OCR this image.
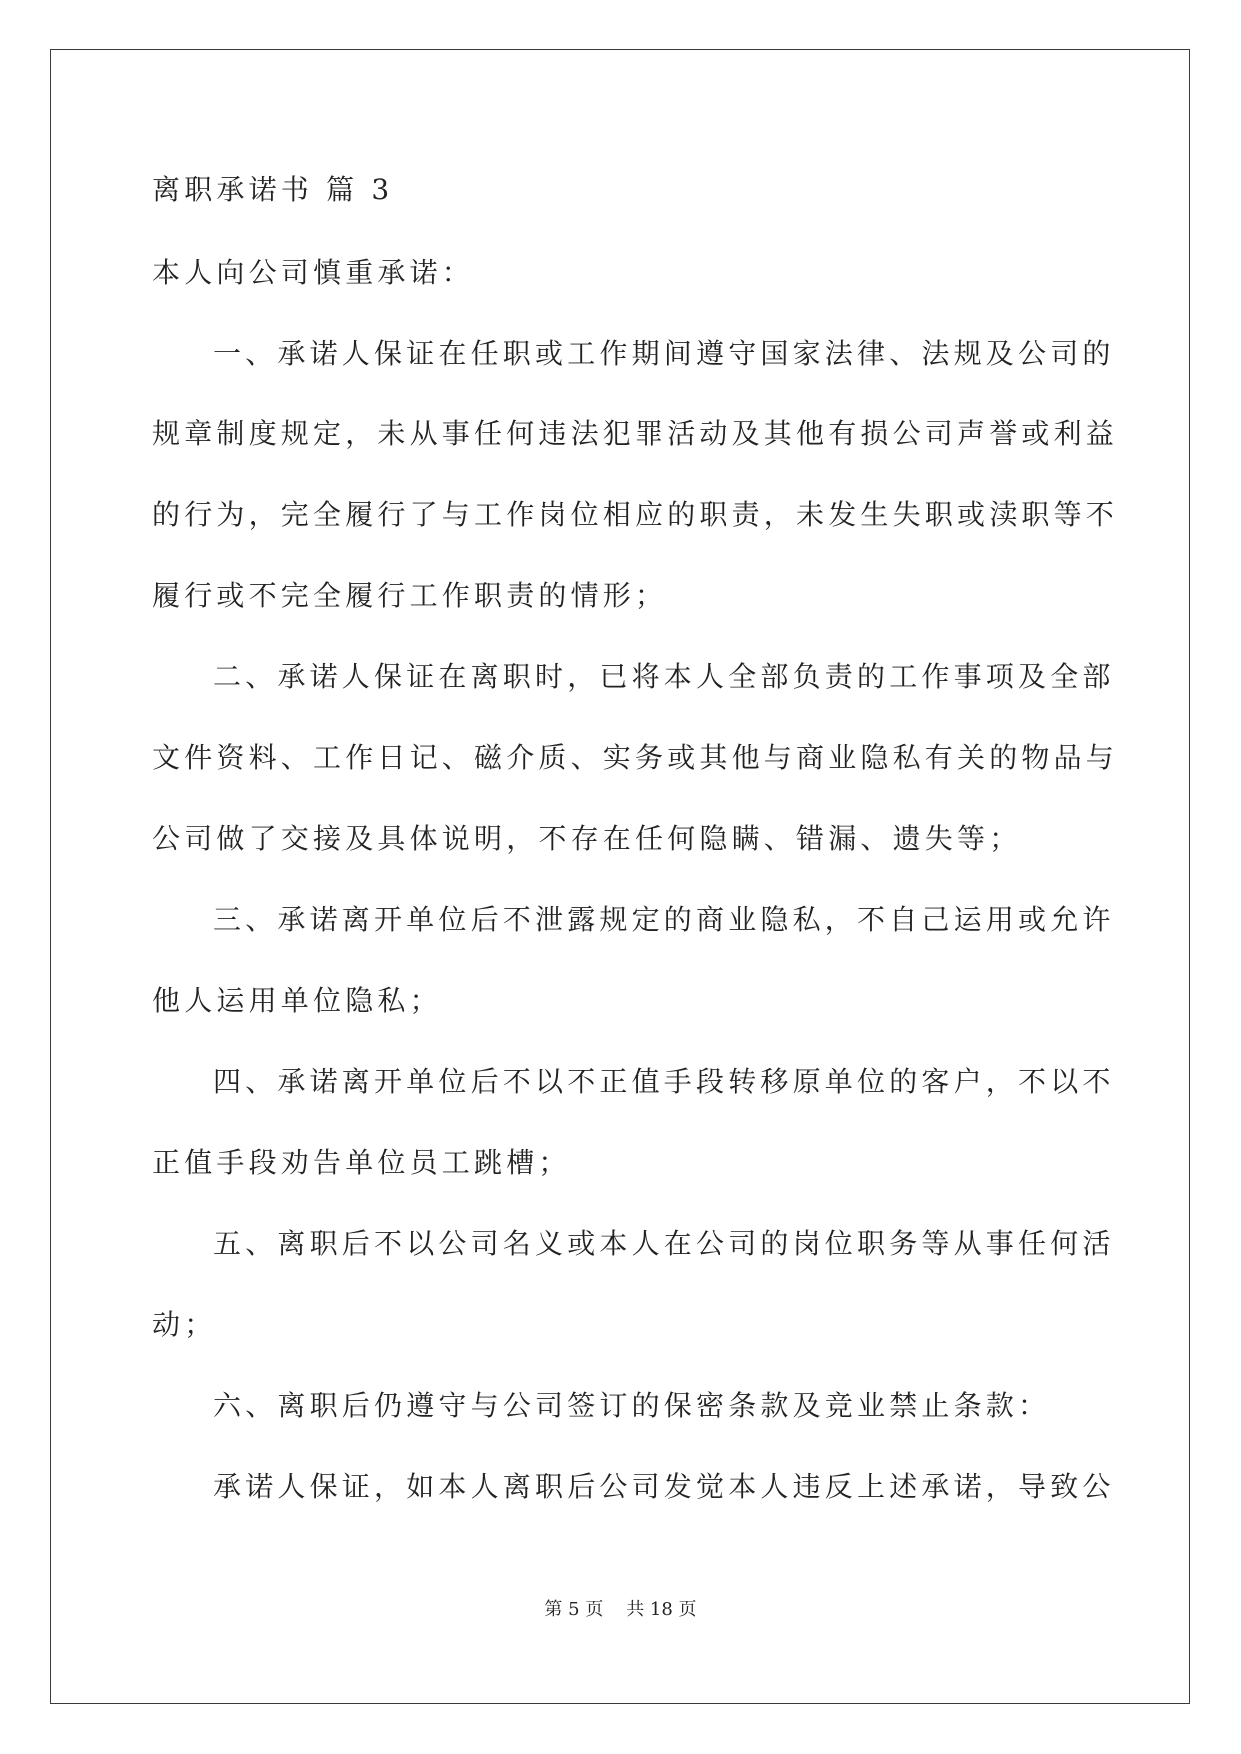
离职承诺书 篇 3
本人向公司慎重承诺：
一、承诺人保证在任职或工作期间遵守国家法律、法规及公司的
规章制度规定，未从事任何违法犯罪活动及其他有损公司声誉或利益
的行为，完全履行了与工作岗位相应的职责，未发生失职或渎职等不
履行或不完全履行工作职责的情形；
二、承诺人保证在离职时，已将本人全部负责的工作事项及全部
文件资料、工作日记、磁介质、实务或其他与商业隐私有关的物品与
公司做了交接及具体说明，不存在任何隐瞒、错漏、遗失等；
三、承诺离开单位后不泄露规定的商业隐私，不自己运用或允许
他人运用单位隐私；
四、承诺离开单位后不以不正值手段转移原单位的客户，不以不
正值手段劝告单位员工跳槽；
五、离职后不以公司名义或本人在公司的岗位职务等从事任何活
动；
六、离职后仍遵守与公司签订的保密条款及竞业禁止条款：
承诺人保证，如本人离职后公司发觉本人违反上述承诺，导致公
第 5 页    共 18 页
